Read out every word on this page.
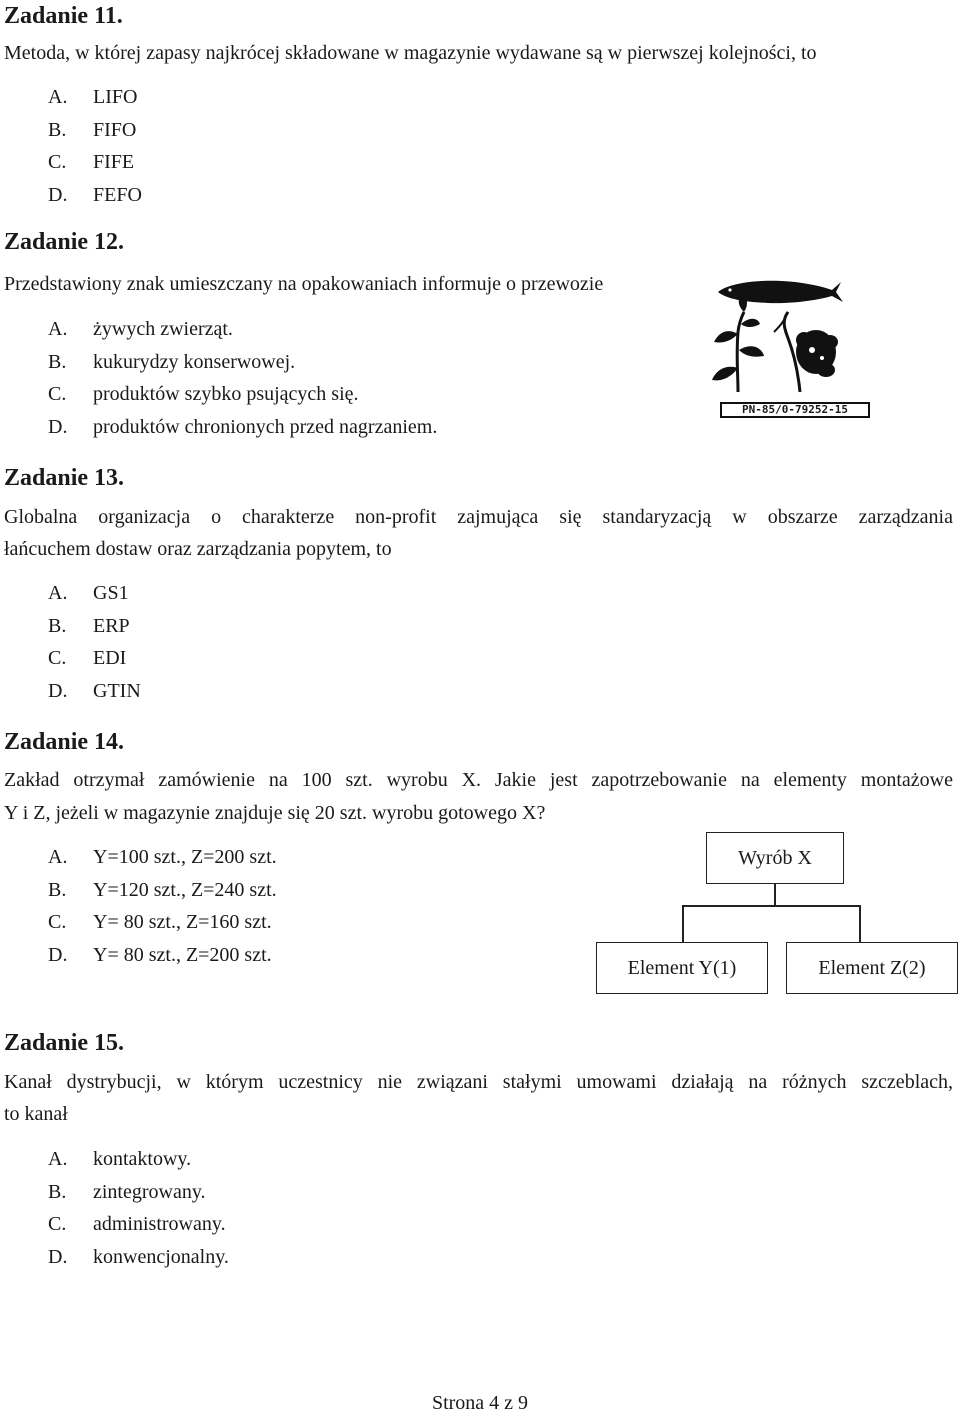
Zadanie 11.
Metoda, w której zapasy najkrócej składowane w magazynie wydawane są w pierwszej kolejności, to
A. LIFO
B. FIFO
C. FIFE
D. FEFO
Zadanie 12.
Przedstawiony znak umieszczany na opakowaniach informuje o przewozie
A. żywych zwierząt.
B. kukurydzy konserwowej.
C. produktów szybko psujących się.
D. produktów chronionych przed nagrzaniem.
PN-85/0-79252-15
Zadanie 13.
Globalna organizacja o charakterze non-profit zajmująca się standaryzacją w obszarze zarządzania
łańcuchem dostaw oraz zarządzania popytem, to
A. GS1
B. ERP
C. EDI
D. GTIN
Zadanie 14.
Zakład otrzymał zamówienie na 100 szt. wyrobu X. Jakie jest zapotrzebowanie na elementy montażowe
Y i Z, jeżeli w magazynie znajduje się 20 szt. wyrobu gotowego X?
A. Y=100 szt., Z=200 szt.
B. Y=120 szt., Z=240 szt.
C. Y= 80 szt., Z=160 szt.
D. Y= 80 szt., Z=200 szt.
Wyrób X
Element Y(1)	Element Z(2)
Zadanie 15.
Kanał dystrybucji, w którym uczestnicy nie związani stałymi umowami działają na różnych szczeblach,
to kanał
A. kontaktowy.
B. zintegrowany.
C. administrowany.
D. konwencjonalny.
Strona 4 z 9
